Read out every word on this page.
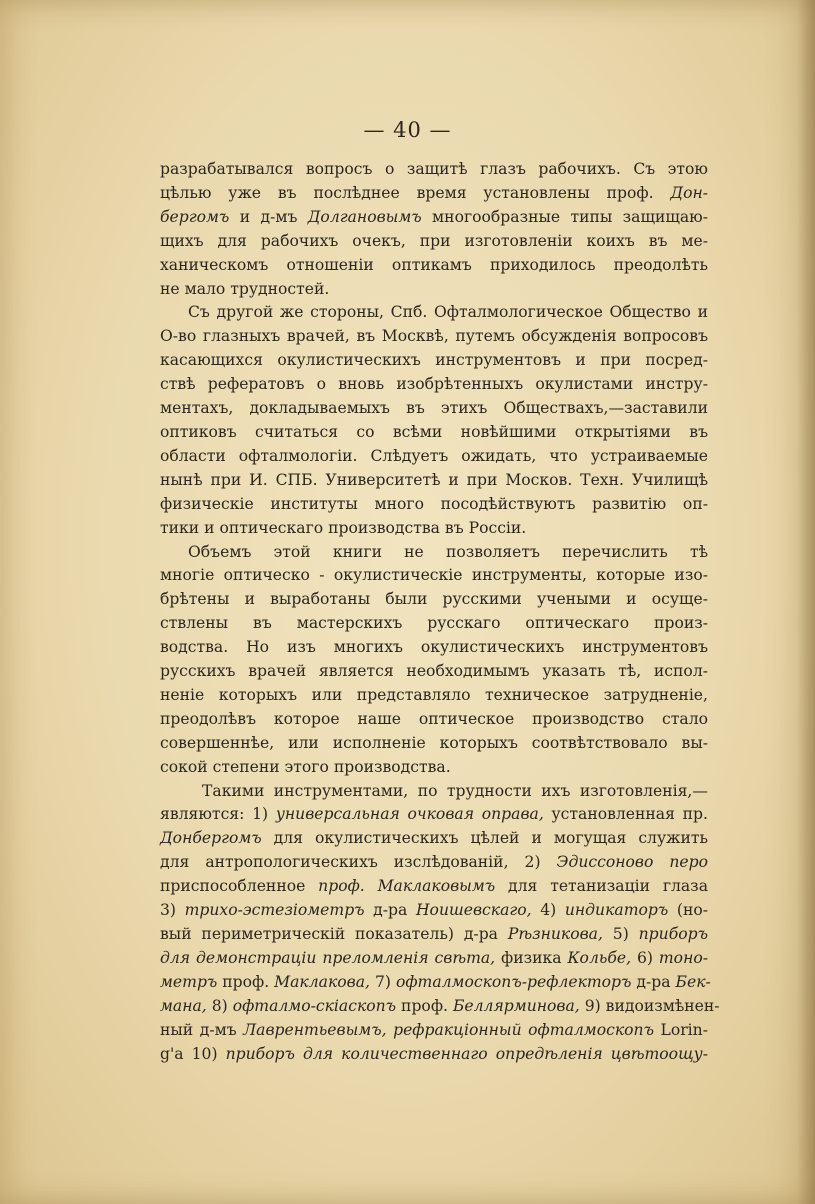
— 40 —

разрабатывался вопросъ о защитѣ глазъ рабочихъ. Съ этою
цѣлью уже въ послѣднее время установлены проф. Дон-
бергомъ и д-мъ Долгановымъ многообразные типы защищаю-
щихъ для рабочихъ очекъ, при изготовленіи коихъ въ ме-
ханическомъ отношеніи оптикамъ приходилось преодолѣть
не мало трудностей.

Съ другой же стороны, Спб. Офталмологическое Общество и
О-во глазныхъ врачей, въ Москвѣ, путемъ обсужденія вопросовъ
касающихся окулистическихъ инструментовъ и при посред-
ствѣ рефератовъ о вновь изобрѣтенныхъ окулистами инстру-
ментахъ, докладываемыхъ въ этихъ Обществахъ,—заставили
оптиковъ считаться со всѣми новѣйшими открытіями въ
области офталмологіи. Слѣдуетъ ожидать, что устраиваемые
нынѣ при И. СПБ. Университетѣ и при Москов. Техн. Училищѣ
физическіе институты много посодѣйствуютъ развитію оп-
тики и оптическаго производства въ Россіи.

Объемъ этой книги не позволяетъ перечислить тѣ
многіе оптическо - окулистическіе инструменты, которые изо-
брѣтены и выработаны были русскими учеными и осуще-
ствлены въ мастерскихъ русскаго оптическаго произ-
водства. Но изъ многихъ окулистическихъ инструментовъ
русскихъ врачей является необходимымъ указать тѣ, испол-
неніе которыхъ или представляло техническое затрудненіе,
преодолѣвъ которое наше оптическое производство стало
совершеннѣе, или исполненіе которыхъ соотвѣтствовало вы-
сокой степени этого производства.

Такими инструментами, по трудности ихъ изготовленія,—
являются: 1) универсальная очковая оправа, установленная пр.
Донбергомъ для окулистическихъ цѣлей и могущая служить
для антропологическихъ изслѣдованій, 2) Эдиссоново перо
приспособленное проф. Маклаковымъ для тетанизаціи глаза
3) трихо-эстезіометръ д-ра Ноишевскаго, 4) индикаторъ (но-
вый периметрическій показатель) д-ра Рѣзникова, 5) приборъ
для демонстраціи преломленія свѣта, физика Кольбе, 6) тоно-
метръ проф. Маклакова, 7) офталмоскопъ-рефлекторъ д-ра Бек-
мана, 8) офталмо-скіаскопъ проф. Беллярминова, 9) видоизмѣнен-
ный д-мъ Лаврентьевымъ, рефракціонный офталмоскопъ Lorin-
g'a 10) приборъ для количественнаго опредѣленія цвѣтоощу-
